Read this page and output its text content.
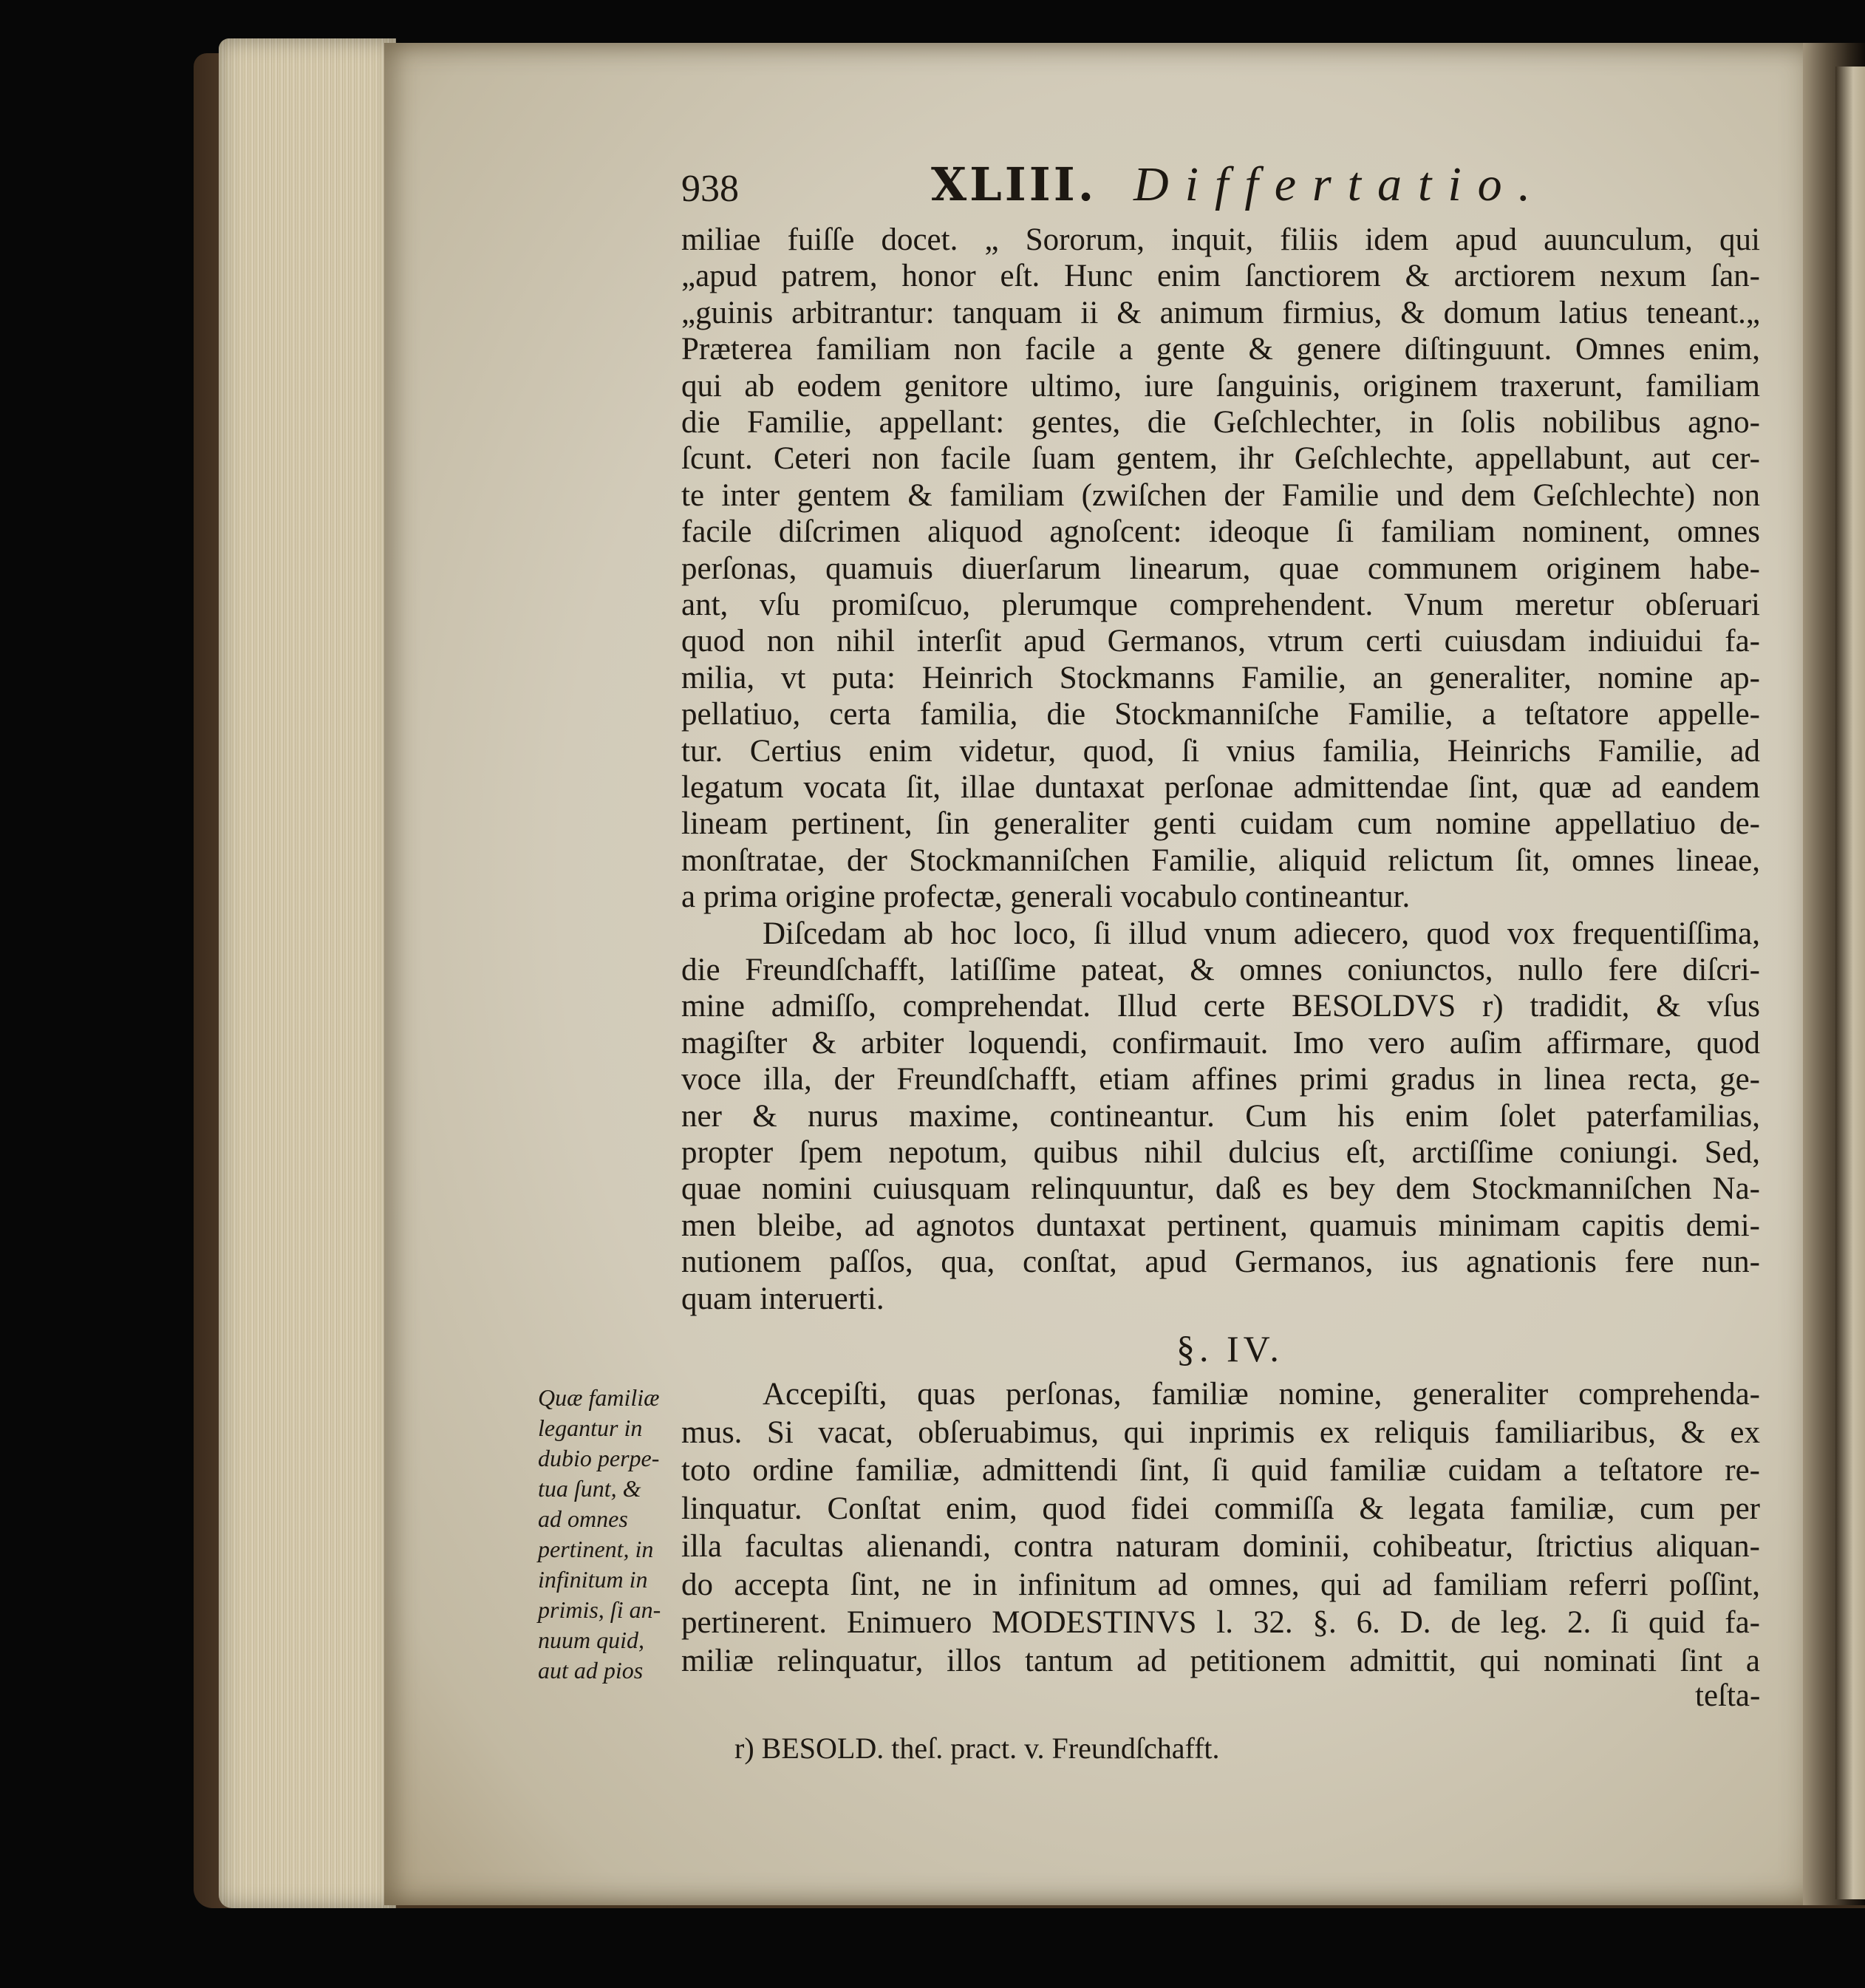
938	XLIII. Differtatio.
miliae fuiſſe docet. „ Sororum, inquit, filiis idem apud auunculum, qui
„apud patrem, honor eſt. Hunc enim ſanctiorem & arctiorem nexum ſan-
„guinis arbitrantur: tanquam ii & animum firmius, & domum latius teneant.„
Præterea familiam non facile a gente & genere diſtinguunt. Omnes enim,
qui ab eodem genitore ultimo, iure ſanguinis, originem traxerunt, familiam
die Familie, appellant: gentes, die Geſchlechter, in ſolis nobilibus agno-
ſcunt. Ceteri non facile ſuam gentem, ihr Geſchlechte, appellabunt, aut cer-
te inter gentem & familiam (zwiſchen der Familie und dem Geſchlechte) non
facile diſcrimen aliquod agnoſcent: ideoque ſi familiam nominent, omnes
perſonas, quamuis diuerſarum linearum, quae communem originem habe-
ant, vſu promiſcuo, plerumque comprehendent. Vnum meretur obſeruari
quod non nihil interſit apud Germanos, vtrum certi cuiusdam indiuidui fa-
milia, vt puta: Heinrich Stockmanns Familie, an generaliter, nomine ap-
pellatiuo, certa familia, die Stockmanniſche Familie, a teſtatore appelle-
tur. Certius enim videtur, quod, ſi vnius familia, Heinrichs Familie, ad
legatum vocata ſit, illae duntaxat perſonae admittendae ſint, quæ ad eandem
lineam pertinent, ſin generaliter genti cuidam cum nomine appellatiuo de-
monſtratae, der Stockmanniſchen Familie, aliquid relictum ſit, omnes lineae,
a prima origine profectæ, generali vocabulo contineantur.
Diſcedam ab hoc loco, ſi illud vnum adiecero, quod vox frequentiſſima,
die Freundſchafft, latiſſime pateat, & omnes coniunctos, nullo fere diſcri-
mine admiſſo, comprehendat. Illud certe BESOLDVS r) tradidit, & vſus
magiſter & arbiter loquendi, confirmauit. Imo vero auſim affirmare, quod
voce illa, der Freundſchafft, etiam affines primi gradus in linea recta, ge-
ner & nurus maxime, contineantur. Cum his enim ſolet paterfamilias,
propter ſpem nepotum, quibus nihil dulcius eſt, arctiſſime coniungi. Sed,
quae nomini cuiusquam relinquuntur, daß es bey dem Stockmanniſchen Na-
men bleibe, ad agnotos duntaxat pertinent, quamuis minimam capitis demi-
nutionem paſſos, qua, conſtat, apud Germanos, ius agnationis fere nun-
quam interuerti.
§. IV.
Accepiſti, quas perſonas, familiæ nomine, generaliter comprehenda-
mus. Si vacat, obſeruabimus, qui inprimis ex reliquis familiaribus, & ex
toto ordine familiæ, admittendi ſint, ſi quid familiæ cuidam a teſtatore re-
linquatur. Conſtat enim, quod fidei commiſſa & legata familiæ, cum per
illa facultas alienandi, contra naturam dominii, cohibeatur, ſtrictius aliquan-
do accepta ſint, ne in infinitum ad omnes, qui ad familiam referri poſſint,
pertinerent. Enimuero MODESTINVS l. 32. §. 6. D. de leg. 2. ſi quid fa-
miliæ relinquatur, illos tantum ad petitionem admittit, qui nominati ſint a
teſta-
Quæ familiæ
legantur in
dubio perpe-
tua ſunt, &
ad omnes
pertinent, in
infinitum in
primis, ſi an-
nuum quid,
aut ad pios
r) BESOLD. theſ. pract. v. Freundſchafft.
